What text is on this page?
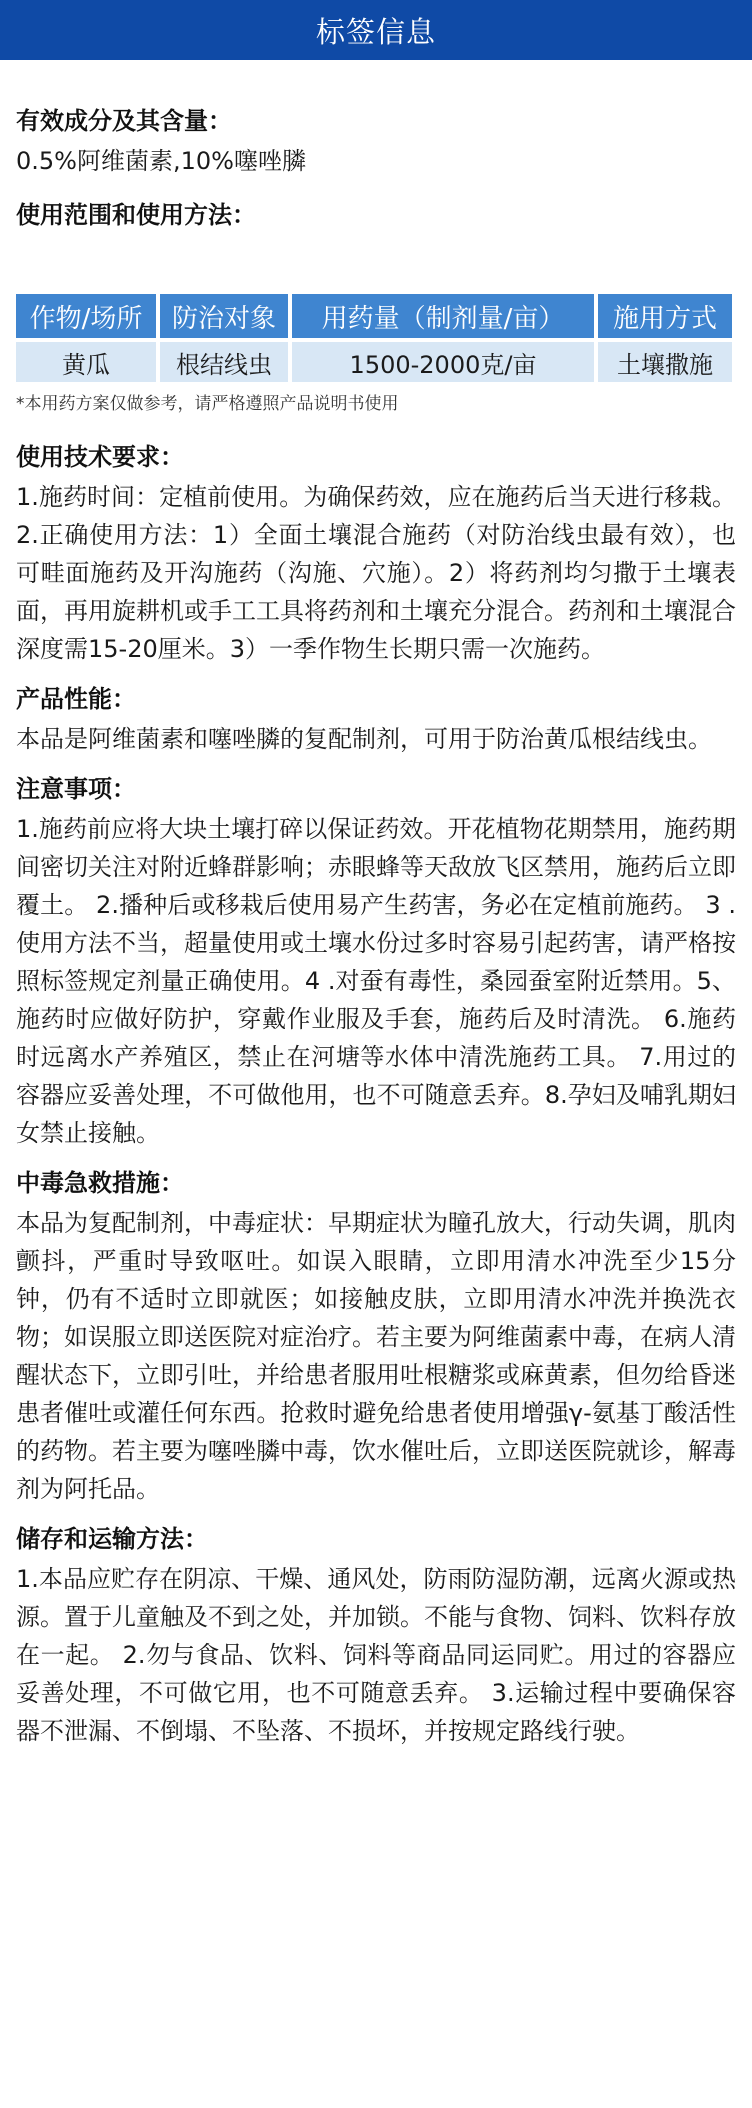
标签信息
有效成分及其含量：
0.5%阿维菌素,10%噻唑膦
使用范围和使用方法：
作物/场所	防治对象	用药量（制剂量/亩）	施用方式
黄瓜	根结线虫	1500-2000克/亩	土壤撒施
*本用药方案仅做参考，请严格遵照产品说明书使用
使用技术要求：
1.施药时间：定植前使用。为确保药效，应在施药后当天进行移栽。2.正确使用方法：1）全面土壤混合施药（对防治线虫最有效），也可畦面施药及开沟施药（沟施、穴施）。2）将药剂均匀撒于土壤表面，再用旋耕机或手工工具将药剂和土壤充分混合。药剂和土壤混合深度需15-20厘米。3）一季作物生长期只需一次施药。
产品性能：
本品是阿维菌素和噻唑膦的复配制剂，可用于防治黄瓜根结线虫。
注意事项：
1.施药前应将大块土壤打碎以保证药效。开花植物花期禁用，施药期间密切关注对附近蜂群影响；赤眼蜂等天敌放飞区禁用，施药后立即覆土。 2.播种后或移栽后使用易产生药害，务必在定植前施药。 3 .使用方法不当，超量使用或土壤水份过多时容易引起药害，请严格按照标签规定剂量正确使用。4 .对蚕有毒性，桑园蚕室附近禁用。5、施药时应做好防护，穿戴作业服及手套，施药后及时清洗。 6.施药时远离水产养殖区，禁止在河塘等水体中清洗施药工具。 7.用过的容器应妥善处理，不可做他用，也不可随意丢弃。8.孕妇及哺乳期妇女禁止接触。
中毒急救措施：
本品为复配制剂，中毒症状：早期症状为瞳孔放大，行动失调，肌肉颤抖，严重时导致呕吐。如误入眼睛，立即用清水冲洗至少15分钟，仍有不适时立即就医；如接触皮肤，立即用清水冲洗并换洗衣物；如误服立即送医院对症治疗。若主要为阿维菌素中毒，在病人清醒状态下，立即引吐，并给患者服用吐根糖浆或麻黄素，但勿给昏迷患者催吐或灌任何东西。抢救时避免给患者使用增强γ-氨基丁酸活性的药物。若主要为噻唑膦中毒，饮水催吐后，立即送医院就诊，解毒剂为阿托品。
储存和运输方法：
1.本品应贮存在阴凉、干燥、通风处，防雨防湿防潮，远离火源或热源。置于儿童触及不到之处，并加锁。不能与食物、饲料、饮料存放在一起。 2.勿与食品、饮料、饲料等商品同运同贮。用过的容器应妥善处理，不可做它用，也不可随意丢弃。 3.运输过程中要确保容器不泄漏、不倒塌、不坠落、不损坏，并按规定路线行驶。
